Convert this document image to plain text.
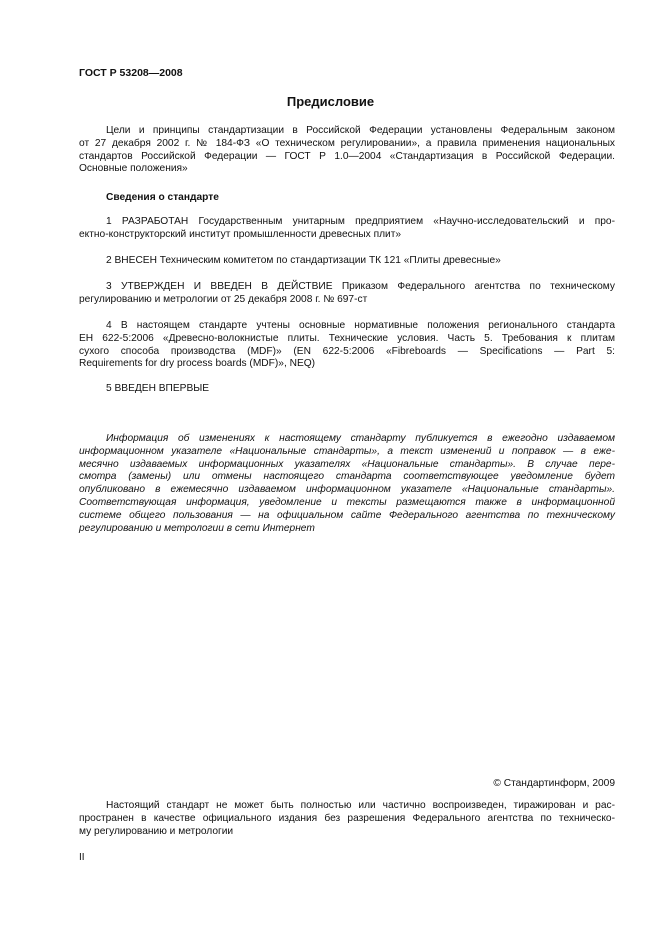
ГОСТ Р 53208—2008
Предисловие
Цели и принципы стандартизации в Российской Федерации установлены Федеральным законом
от 27 декабря 2002 г. № 184-ФЗ «О техническом регулировании», а правила применения национальных
стандартов Российской Федерации — ГОСТ Р 1.0—2004 «Стандартизация в Российской Федерации.
Основные положения»
Сведения о стандарте
1 РАЗРАБОТАН Государственным унитарным предприятием «Научно-исследовательский и про-
ектно-конструкторский институт промышленности древесных плит»
2 ВНЕСЕН Техническим комитетом по стандартизации ТК 121 «Плиты древесные»
3 УТВЕРЖДЕН И ВВЕДЕН В ДЕЙСТВИЕ Приказом Федерального агентства по техническому
регулированию и метрологии от 25 декабря 2008 г. № 697-ст
4 В настоящем стандарте учтены основные нормативные положения регионального стандарта
ЕН 622-5:2006 «Древесно-волокнистые плиты. Технические условия. Часть 5. Требования к плитам
сухого способа производства (MDF)» (EN 622-5:2006 «Fibreboards — Specifications — Part 5:
Requirements for dry process boards (MDF)», NEQ)
5 ВВЕДЕН ВПЕРВЫЕ
Информация об изменениях к настоящему стандарту публикуется в ежегодно издаваемом
информационном указателе «Национальные стандарты», а текст изменений и поправок — в еже-
месячно издаваемых информационных указателях «Национальные стандарты». В случае пере-
смотра (замены) или отмены настоящего стандарта соответствующее уведомление будет
опубликовано в ежемесячно издаваемом информационном указателе «Национальные стандарты».
Соответствующая информация, уведомление и тексты размещаются также в информационной
системе общего пользования — на официальном сайте Федерального агентства по техническому
регулированию и метрологии в сети Интернет
© Стандартинформ, 2009
Настоящий стандарт не может быть полностью или частично воспроизведен, тиражирован и рас-
пространен в качестве официального издания без разрешения Федерального агентства по техническо-
му регулированию и метрологии
II
